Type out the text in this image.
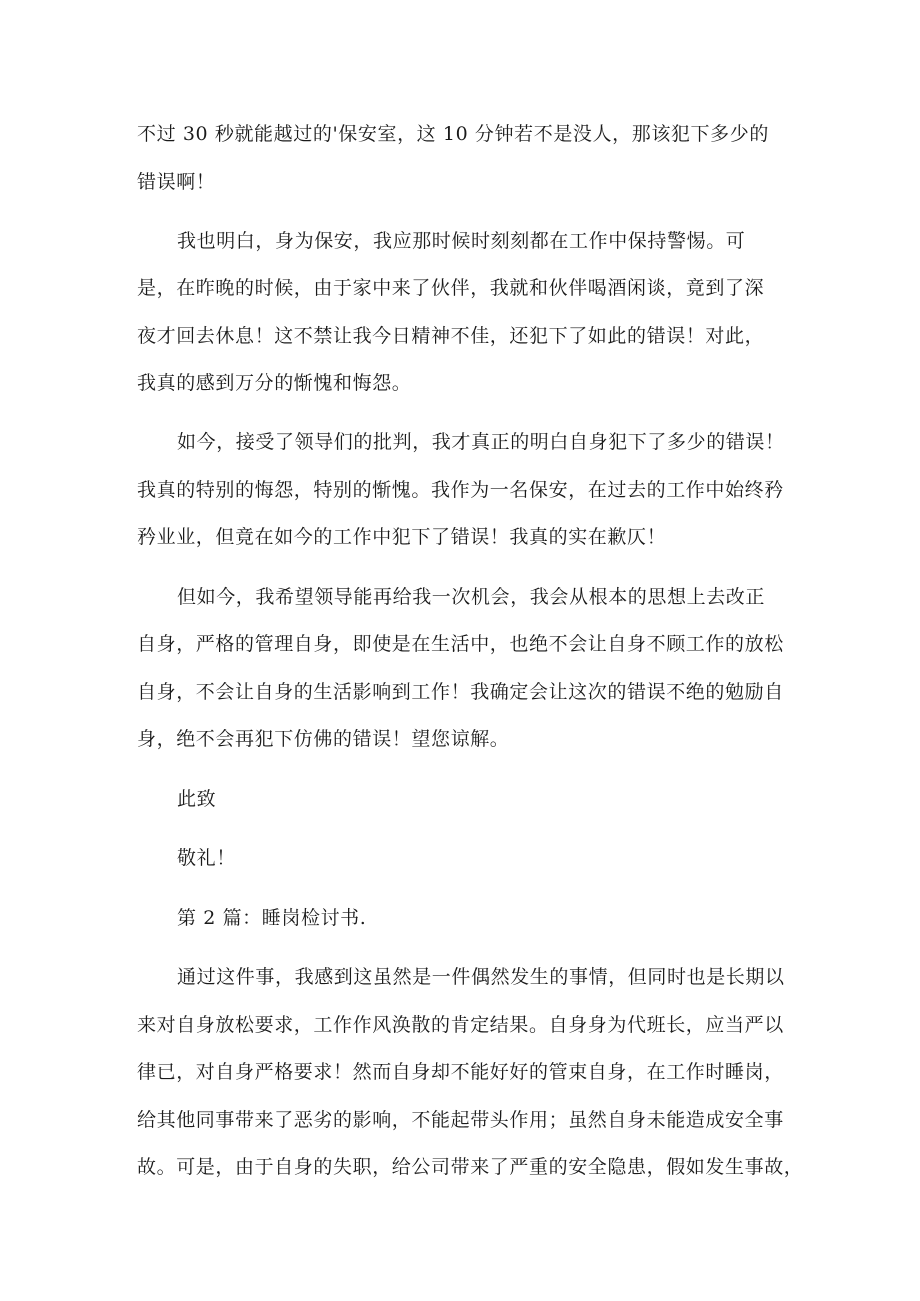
不过 30 秒就能越过的'保安室，这 10 分钟若不是没人，那该犯下多少的

错误啊！

我也明白，身为保安，我应那时候时刻刻都在工作中保持警惕。可

是，在昨晚的时候，由于家中来了伙伴，我就和伙伴喝酒闲谈，竟到了深

夜才回去休息！这不禁让我今日精神不佳，还犯下了如此的错误！对此，

我真的感到万分的惭愧和悔怨。

如今，接受了领导们的批判，我才真正的明白自身犯下了多少的错误！

我真的特别的悔怨，特别的惭愧。我作为一名保安，在过去的工作中始终矜

矜业业，但竟在如今的工作中犯下了错误！我真的实在歉仄！

但如今，我希望领导能再给我一次机会，我会从根本的思想上去改正

自身，严格的管理自身，即使是在生活中，也绝不会让自身不顾工作的放松

自身，不会让自身的生活影响到工作！我确定会让这次的错误不绝的勉励自

身，绝不会再犯下仿佛的错误！望您谅解。

此致

敬礼！

第 2 篇：睡岗检讨书.

通过这件事，我感到这虽然是一件偶然发生的事情，但同时也是长期以

来对自身放松要求，工作作风涣散的肯定结果。自身身为代班长，应当严以

律已，对自身严格要求！然而自身却不能好好的管束自身，在工作时睡岗，

给其他同事带来了恶劣的影响，不能起带头作用；虽然自身未能造成安全事

故。可是，由于自身的失职，给公司带来了严重的安全隐患，假如发生事故，
